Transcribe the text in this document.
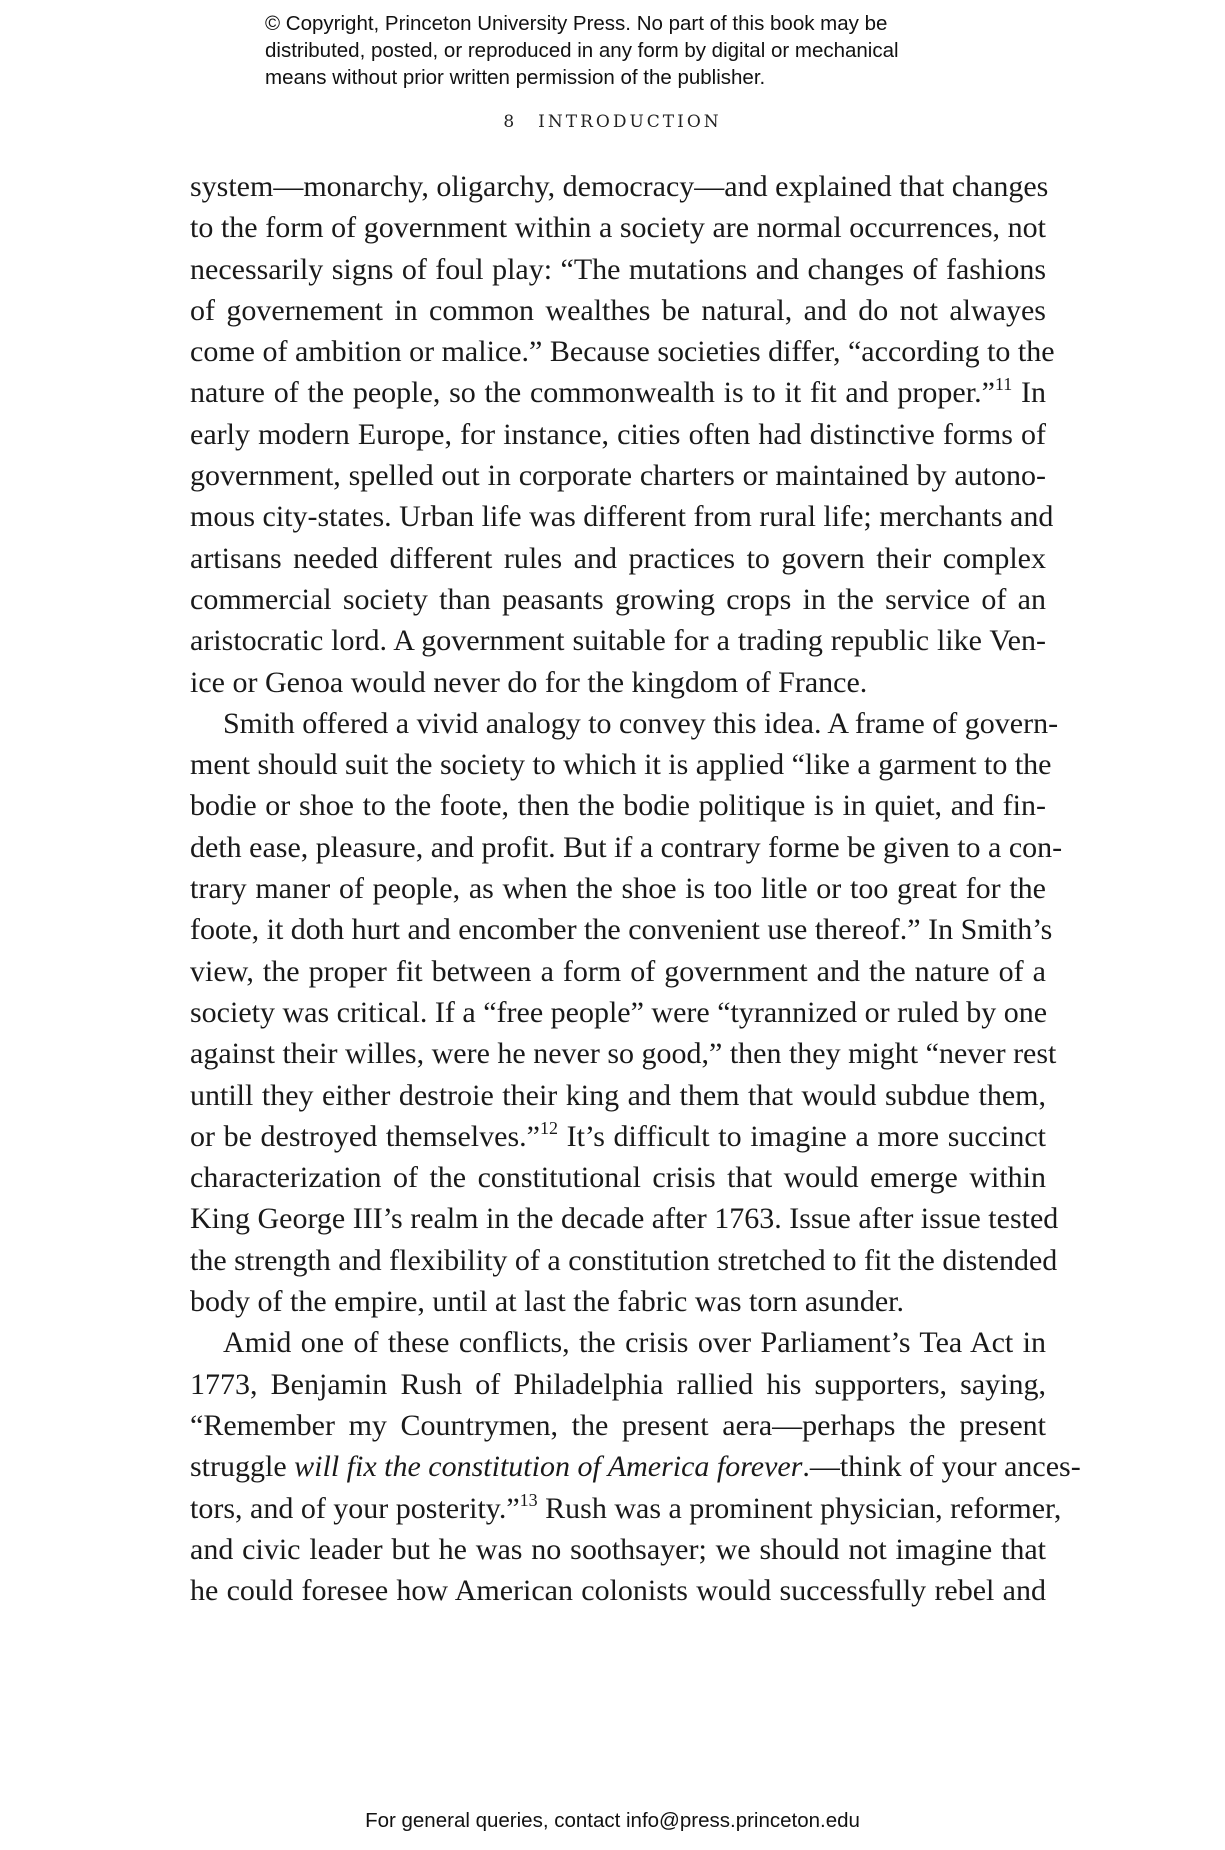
© Copyright, Princeton University Press. No part of this book may be
distributed, posted, or reproduced in any form by digital or mechanical
means without prior written permission of the publisher.
8 INTRODUCTION
system—monarchy, oligarchy, democracy—and explained that changes
to the form of government within a society are normal occurrences, not
necessarily signs of foul play: “The mutations and changes of fashions
of governement in common wealthes be natural, and do not alwayes
come of ambition or malice.” Because societies differ, “according to the
nature of the people, so the commonwealth is to it fit and proper.”$^{11}$ In
early modern Europe, for instance, cities often had distinctive forms of
government, spelled out in corporate charters or maintained by autono-
mous city-states. Urban life was different from rural life; merchants and
artisans needed different rules and practices to govern their complex
commercial society than peasants growing crops in the service of an
aristocratic lord. A government suitable for a trading republic like Ven-
ice or Genoa would never do for the kingdom of France.
Smith offered a vivid analogy to convey this idea. A frame of govern-
ment should suit the society to which it is applied “like a garment to the
bodie or shoe to the foote, then the bodie politique is in quiet, and fin-
deth ease, pleasure, and profit. But if a contrary forme be given to a con-
trary maner of people, as when the shoe is too litle or too great for the
foote, it doth hurt and encomber the convenient use thereof.” In Smith’s
view, the proper fit between a form of government and the nature of a
society was critical. If a “free people” were “tyrannized or ruled by one
against their willes, were he never so good,” then they might “never rest
untill they either destroie their king and them that would subdue them,
or be destroyed themselves.”$^{12}$ It’s difficult to imagine a more succinct
characterization of the constitutional crisis that would emerge within
King George III’s realm in the decade after 1763. Issue after issue tested
the strength and flexibility of a constitution stretched to fit the distended
body of the empire, until at last the fabric was torn asunder.
Amid one of these conflicts, the crisis over Parliament’s Tea Act in
1773, Benjamin Rush of Philadelphia rallied his supporters, saying,
“Remember my Countrymen, the present aera—perhaps the present
struggle will fix the constitution of America forever.—think of your ances-
tors, and of your posterity.”$^{13}$ Rush was a prominent physician, reformer,
and civic leader but he was no soothsayer; we should not imagine that
he could foresee how American colonists would successfully rebel and
For general queries, contact info@press.princeton.edu
